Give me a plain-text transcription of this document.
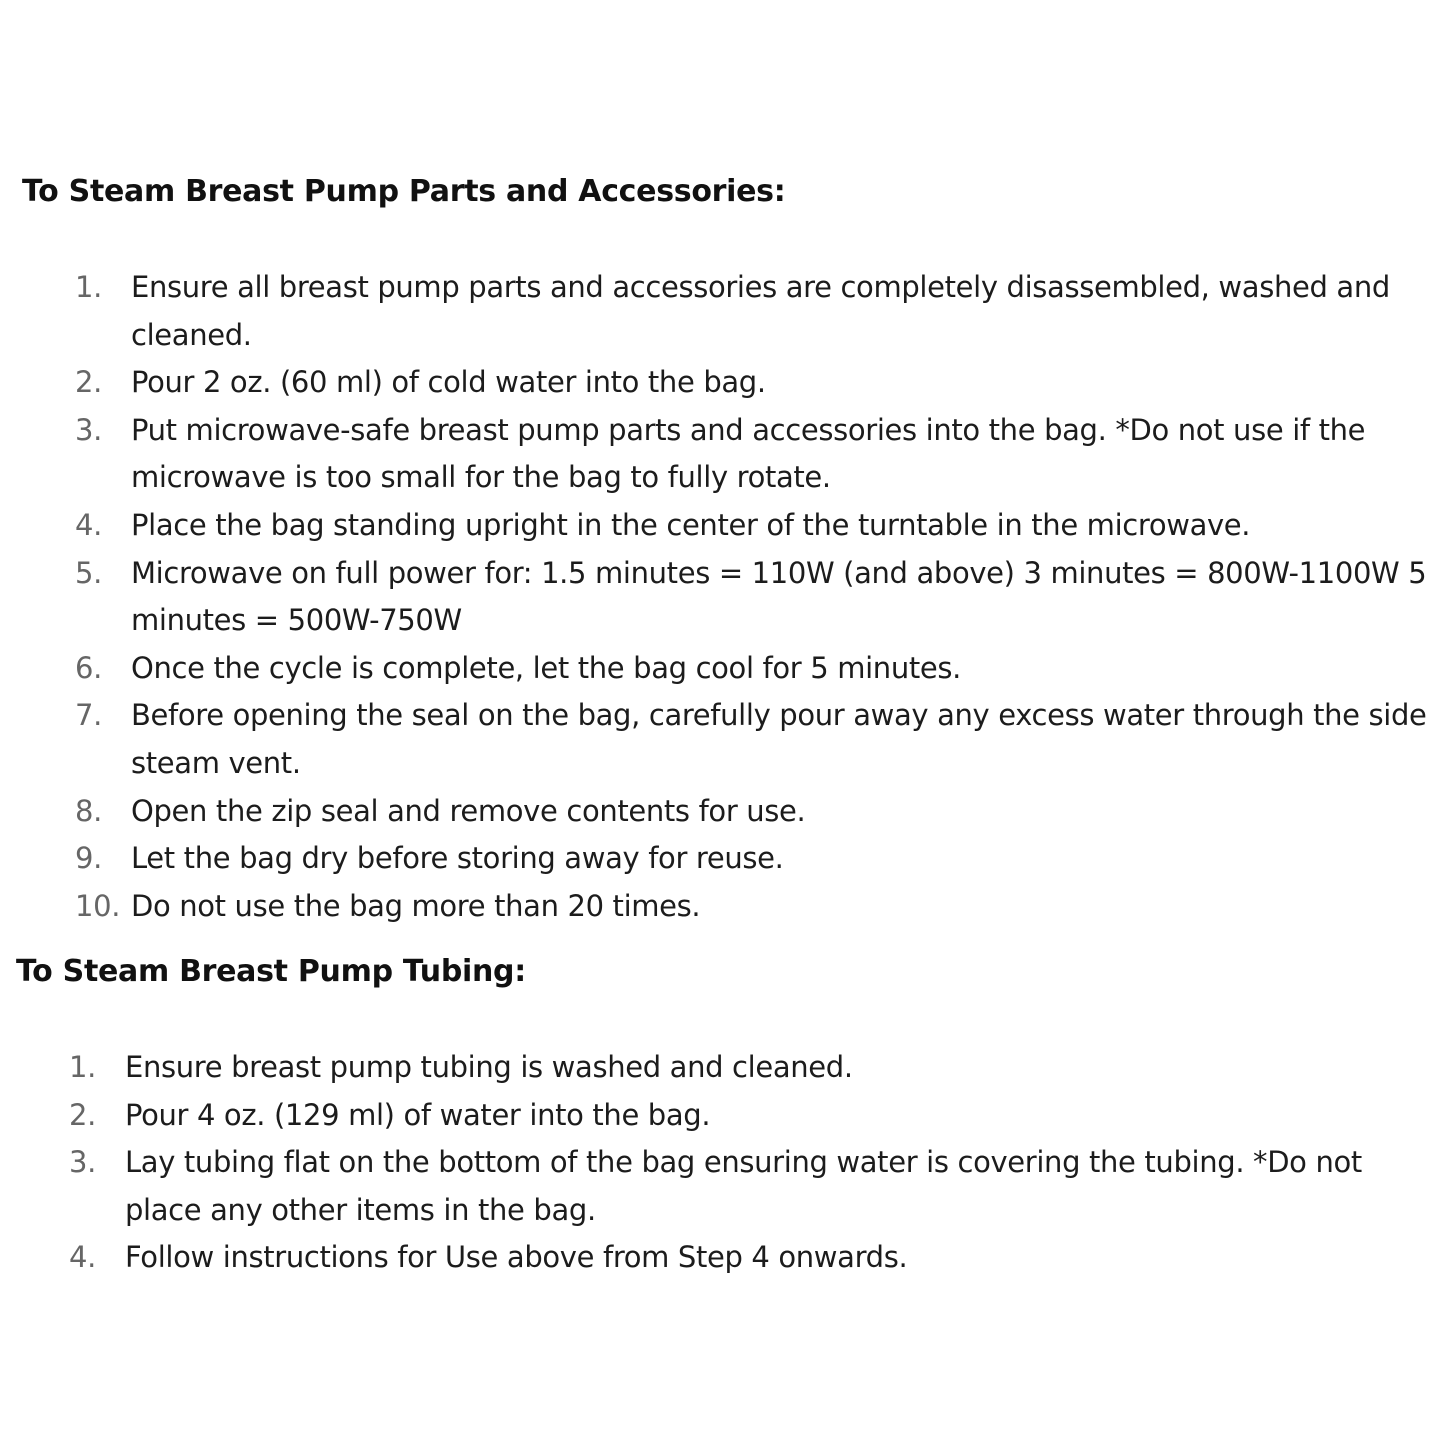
To Steam Breast Pump Parts and Accessories:
1.	Ensure all breast pump parts and accessories are completely disassembled, washed and cleaned.
2.	Pour 2 oz. (60 ml) of cold water into the bag.
3.	Put microwave-safe breast pump parts and accessories into the bag. *Do not use if the microwave is too small for the bag to fully rotate.
4.	Place the bag standing upright in the center of the turntable in the microwave.
5.	Microwave on full power for: 1.5 minutes = 110W (and above) 3 minutes = 800W-1100W 5 minutes = 500W-750W
6.	Once the cycle is complete, let the bag cool for 5 minutes.
7.	Before opening the seal on the bag, carefully pour away any excess water through the side steam vent.
8.	Open the zip seal and remove contents for use.
9.	Let the bag dry before storing away for reuse.
10. Do not use the bag more than 20 times.
To Steam Breast Pump Tubing:
1.	Ensure breast pump tubing is washed and cleaned.
2.	Pour 4 oz. (129 ml) of water into the bag.
3.	Lay tubing flat on the bottom of the bag ensuring water is covering the tubing. *Do not place any other items in the bag.
4.	Follow instructions for Use above from Step 4 onwards.
